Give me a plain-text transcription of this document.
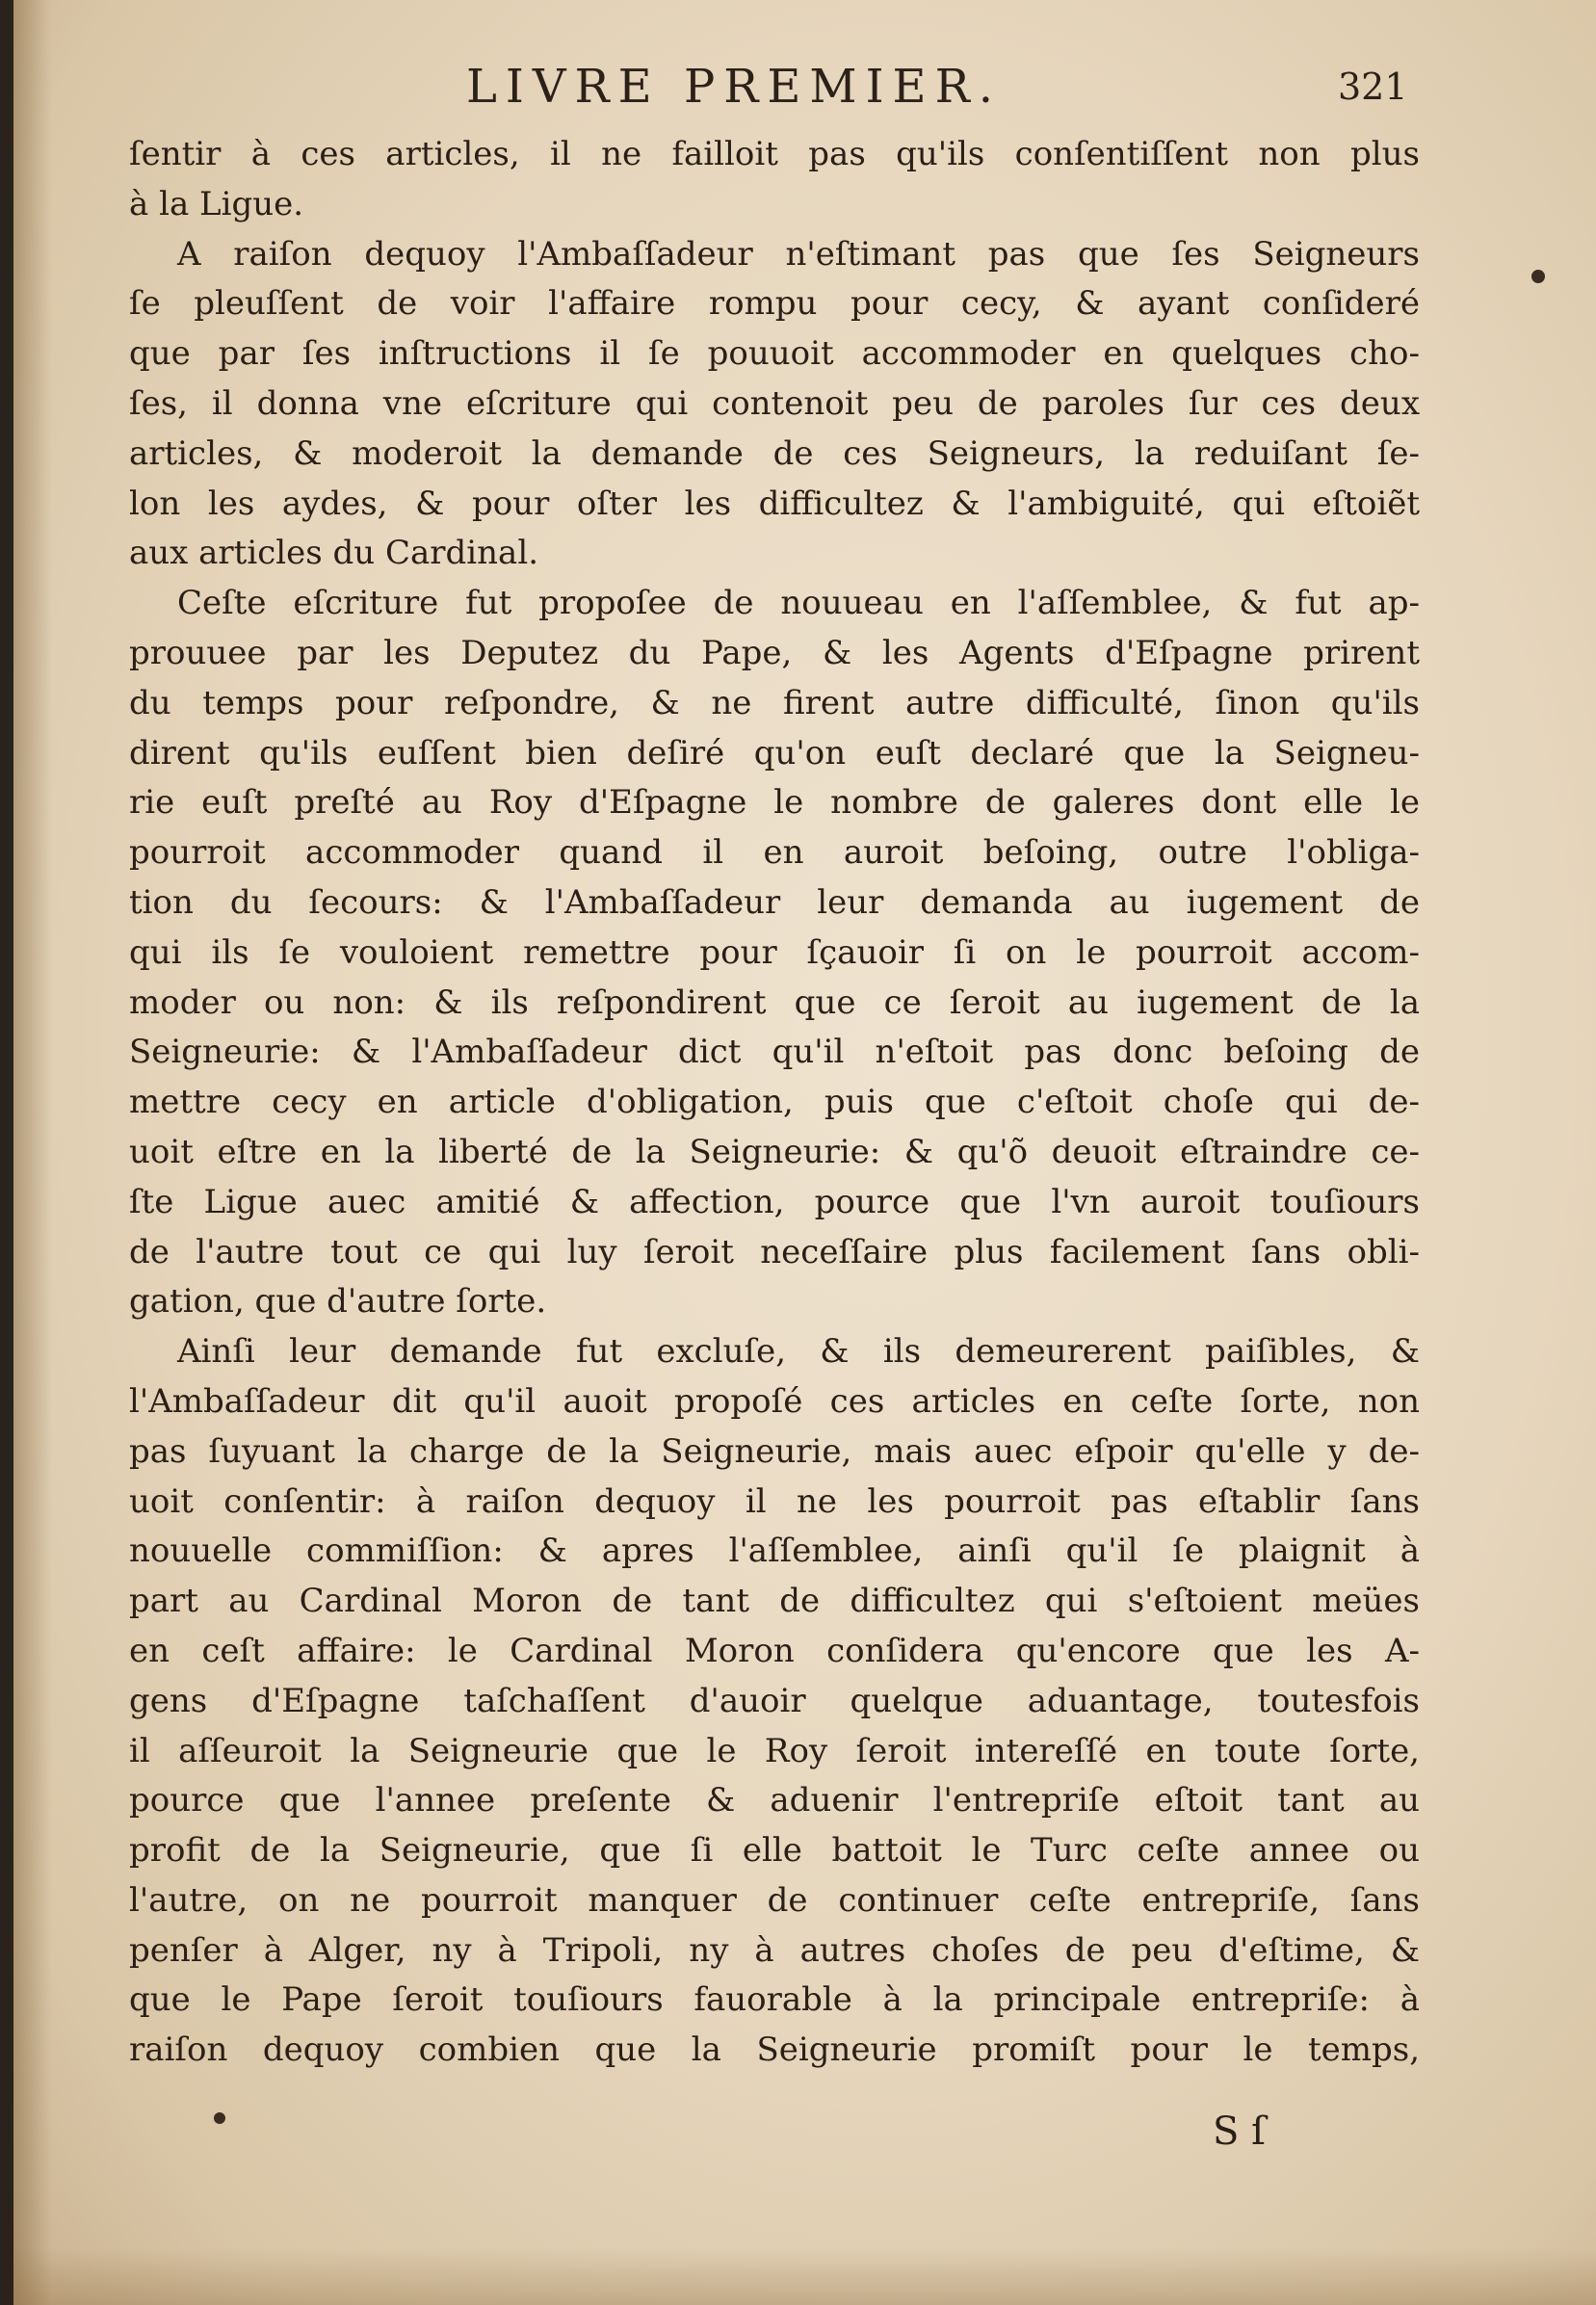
LIVRE PREMIER.	321
ſentir à ces articles, il ne failloit pas qu'ils conſentiſſent non plus
à la Ligue.
A raiſon dequoy l'Ambaſſadeur n'eſtimant pas que ſes Seigneurs
ſe pleuſſent de voir l'affaire rompu pour cecy, & ayant conſideré
que par ſes inſtructions il ſe pouuoit accommoder en quelques cho-
ſes, il donna vne eſcriture qui contenoit peu de paroles ſur ces deux
articles, & moderoit la demande de ces Seigneurs, la reduiſant ſe-
lon les aydes, & pour oſter les difficultez & l'ambiguité, qui eſtoiẽt
aux articles du Cardinal.
Ceſte eſcriture fut propoſee de nouueau en l'aſſemblee, & fut ap-
prouuee par les Deputez du Pape, & les Agents d'Eſpagne prirent
du temps pour reſpondre, & ne firent autre difficulté, ſinon qu'ils
dirent qu'ils euſſent bien deſiré qu'on euſt declaré que la Seigneu-
rie euſt preſté au Roy d'Eſpagne le nombre de galeres dont elle le
pourroit accommoder quand il en auroit beſoing, outre l'obliga-
tion du ſecours: & l'Ambaſſadeur leur demanda au iugement de
qui ils ſe vouloient remettre pour ſçauoir ſi on le pourroit accom-
moder ou non: & ils reſpondirent que ce ſeroit au iugement de la
Seigneurie: & l'Ambaſſadeur dict qu'il n'eſtoit pas donc beſoing de
mettre cecy en article d'obligation, puis que c'eſtoit choſe qui de-
uoit eſtre en la liberté de la Seigneurie: & qu'õ deuoit eſtraindre ce-
ſte Ligue auec amitié & affection, pource que l'vn auroit touſiours
de l'autre tout ce qui luy ſeroit neceſſaire plus facilement ſans obli-
gation, que d'autre ſorte.
Ainſi leur demande fut excluſe, & ils demeurerent paiſibles, &
l'Ambaſſadeur dit qu'il auoit propoſé ces articles en ceſte ſorte, non
pas ſuyuant la charge de la Seigneurie, mais auec eſpoir qu'elle y de-
uoit conſentir: à raiſon dequoy il ne les pourroit pas eſtablir ſans
nouuelle commiſſion: & apres l'aſſemblee, ainſi qu'il ſe plaignit à
part au Cardinal Moron de tant de difficultez qui s'eſtoient meües
en ceſt affaire: le Cardinal Moron conſidera qu'encore que les A-
gens d'Eſpagne taſchaſſent d'auoir quelque aduantage, toutesfois
il aſſeuroit la Seigneurie que le Roy ſeroit intereſſé en toute ſorte,
pource que l'annee preſente & aduenir l'entrepriſe eſtoit tant au
profit de la Seigneurie, que ſi elle battoit le Turc ceſte annee ou
l'autre, on ne pourroit manquer de continuer ceſte entrepriſe, ſans
penſer à Alger, ny à Tripoli, ny à autres choſes de peu d'eſtime, &
que le Pape ſeroit touſiours fauorable à la principale entrepriſe: à
raiſon dequoy combien que la Seigneurie promiſt pour le temps,
S ſ
